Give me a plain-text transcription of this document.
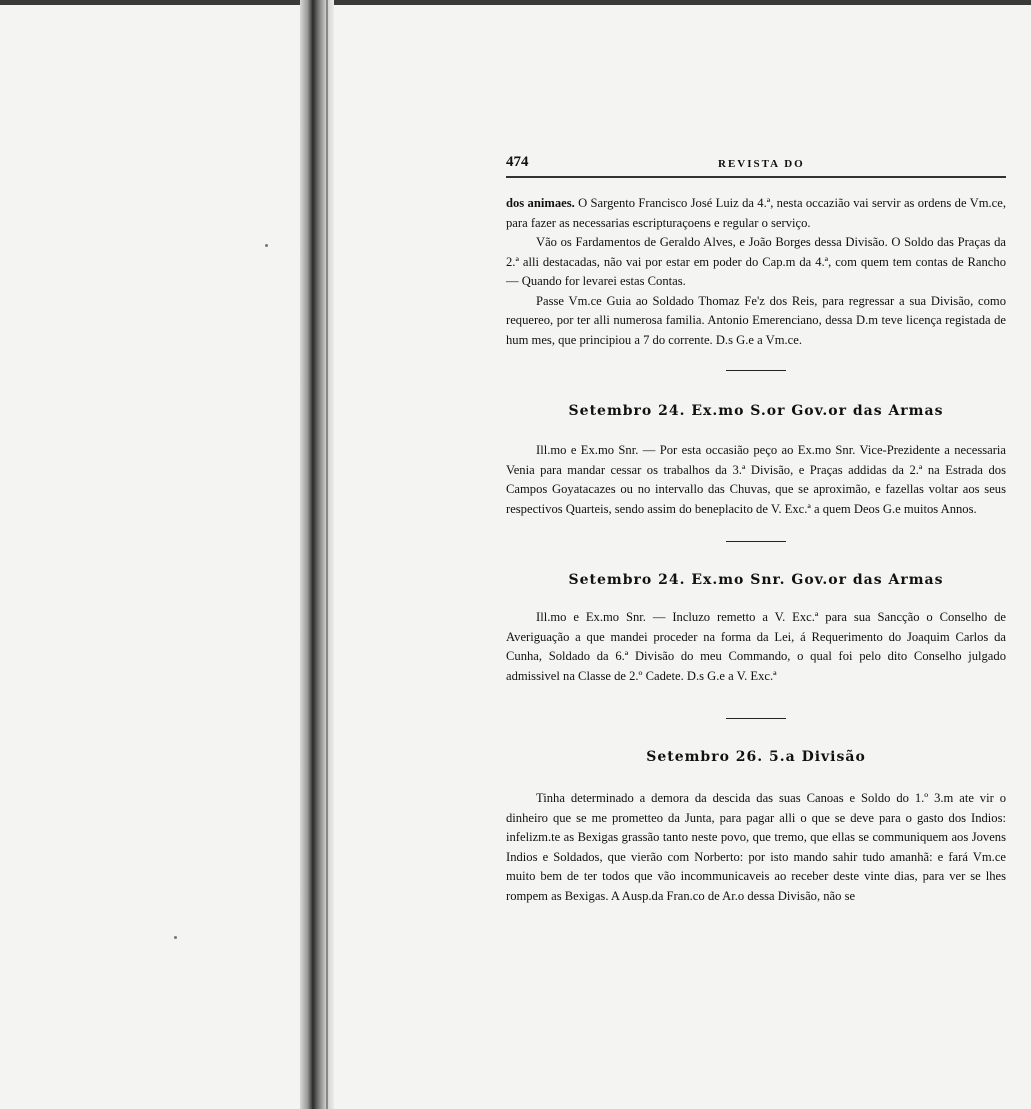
474	REVISTA DO

dos animaes. O Sargento Francisco José Luiz da 4.ª, nesta occazião vai servir as ordens de Vm.ce, para fazer as necessarias escripturaçoens e regular o serviço.

Vão os Fardamentos de Geraldo Alves, e João Borges dessa Divisão. O Soldo das Praças da 2.ª alli destacadas, não vai por estar em poder do Cap.m da 4.ª, com quem tem contas de Rancho — Quando for levarei estas Contas.

Passe Vm.ce Guia ao Soldado Thomaz Fe'z dos Reis, para regressar a sua Divisão, como requereo, por ter alli numerosa familia. Antonio Emerenciano, dessa D.m teve licença registada de hum mes, que principiou a 7 do corrente. D.s G.e a Vm.ce.

Setembro 24. Ex.mo S.or Gov.or das Armas

Ill.mo e Ex.mo Snr. — Por esta occasião peço ao Ex.mo Snr. Vice-Prezidente a necessaria Venia para mandar cessar os trabalhos da 3.ª Divisão, e Praças addidas da 2.ª na Estrada dos Campos Goyatacazes ou no intervallo das Chuvas, que se aproximão, e fazellas voltar aos seus respectivos Quarteis, sendo assim do beneplacito de V. Exc.ª a quem Deos G.e muitos Annos.

Setembro 24. Ex.mo Snr. Gov.or das Armas

Ill.mo e Ex.mo Snr. — Incluzo remetto a V. Exc.ª para sua Sancção o Conselho de Averiguação a que mandei proceder na forma da Lei, á Requerimento do Joaquim Carlos da Cunha, Soldado da 6.ª Divisão do meu Commando, o qual foi pelo dito Conselho julgado admissivel na Classe de 2.º Cadete. D.s G.e a V. Exc.ª

Setembro 26. 5.a Divisão

Tinha determinado a demora da descida das suas Canoas e Soldo do 1.º 3.m ate vir o dinheiro que se me prometteo da Junta, para pagar alli o que se deve para o gasto dos Indios: infelizm.te as Bexigas grassão tanto neste povo, que tremo, que ellas se communiquem aos Jovens Indios e Soldados, que vierão com Norberto: por isto mando sahir tudo amanhã: e fará Vm.ce muito bem de ter todos que vão incommunicaveis ao receber deste vinte dias, para ver se lhes rompem as Bexigas. A Ausp.da Fran.co de Ar.o dessa Divisão, não se
